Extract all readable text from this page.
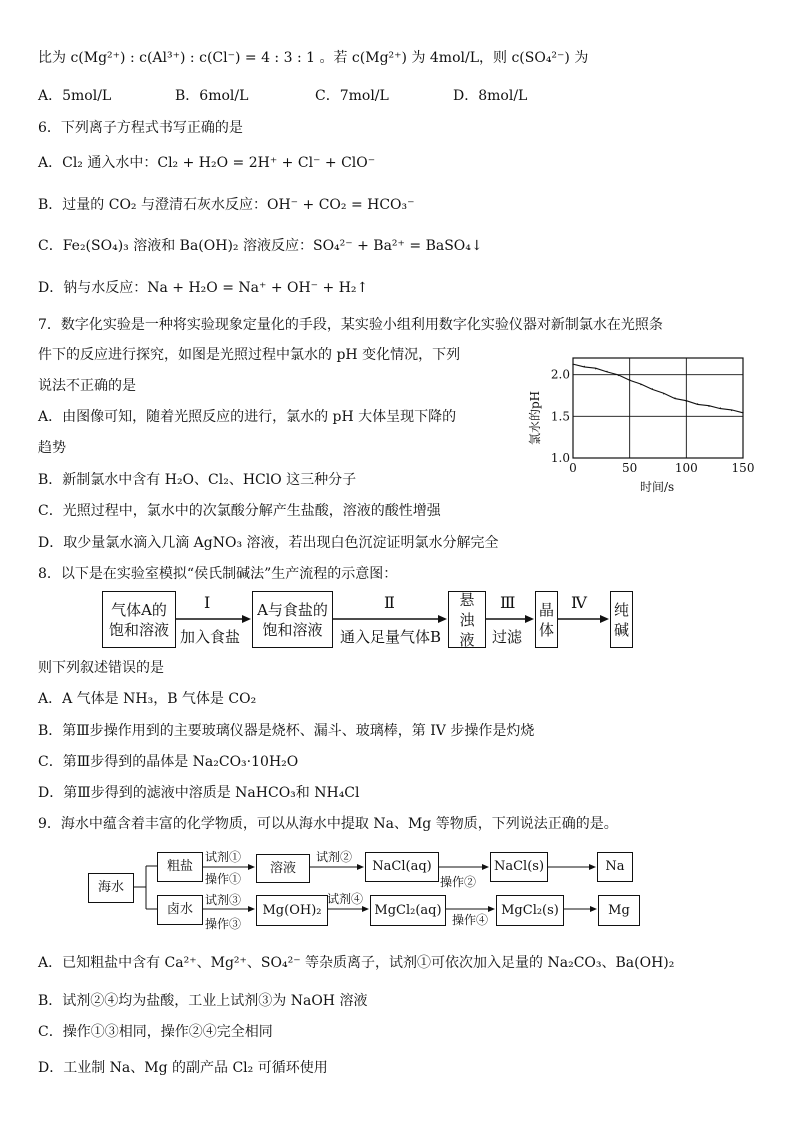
比为 c(Mg²⁺) : c(Al³⁺) : c(Cl⁻) = 4 : 3 : 1 。若 c(Mg²⁺) 为 4mol/L，则 c(SO₄²⁻) 为
A．5mol/L	B．6mol/L	C．7mol/L	D．8mol/L
6．下列离子方程式书写正确的是
A．Cl₂ 通入水中：Cl₂ + H₂O = 2H⁺ + Cl⁻ + ClO⁻
B．过量的 CO₂ 与澄清石灰水反应：OH⁻ + CO₂ = HCO₃⁻
C．Fe₂(SO₄)₃ 溶液和 Ba(OH)₂ 溶液反应：SO₄²⁻ + Ba²⁺ = BaSO₄↓
D．钠与水反应：Na + H₂O = Na⁺ + OH⁻ + H₂↑
7．数字化实验是一种将实验现象定量化的手段，某实验小组利用数字化实验仪器对新制氯水在光照条
件下的反应进行探究，如图是光照过程中氯水的 pH 变化情况，下列
说法不正确的是
A．由图像可知，随着光照反应的进行，氯水的 pH 大体呈现下降的
趋势
B．新制氯水中含有 H₂O、Cl₂、HClO 这三种分子
C．光照过程中，氯水中的次氯酸分解产生盐酸，溶液的酸性增强
D．取少量氯水滴入几滴 AgNO₃ 溶液，若出现白色沉淀证明氯水分解完全
0	50	100	150
1.0
1.5
2.0
时间/s
氯水的pH
8．以下是在实验室模拟“侯氏制碱法”生产流程的示意图：
气体A的饱和溶液
A与食盐的饱和溶液
悬浊液
晶体
纯碱
Ⅰ
加入食盐
Ⅱ
通入足量气体B
Ⅲ
过滤
Ⅳ
则下列叙述错误的是
A．A 气体是 NH₃，B 气体是 CO₂
B．第Ⅲ步操作用到的主要玻璃仪器是烧杯、漏斗、玻璃棒，第 IV 步操作是灼烧
C．第Ⅲ步得到的晶体是 Na₂CO₃·10H₂O
D．第Ⅲ步得到的滤液中溶质是 NaHCO₃和 NH₄Cl
9．海水中蕴含着丰富的化学物质，可以从海水中提取 Na、Mg 等物质，下列说法正确的是。
海水
粗盐
卤水
溶液	NaCl(aq)	NaCl(s)	Na
Mg(OH)₂	MgCl₂(aq)	MgCl₂(s)	Mg
试剂①
操作①
试剂②
操作②
试剂③
操作③
试剂④
操作④
A．已知粗盐中含有 Ca²⁺、Mg²⁺、SO₄²⁻ 等杂质离子，试剂①可依次加入足量的 Na₂CO₃、Ba(OH)₂
B．试剂②④均为盐酸，工业上试剂③为 NaOH 溶液
C．操作①③相同，操作②④完全相同
D．工业制 Na、Mg 的副产品 Cl₂ 可循环使用
